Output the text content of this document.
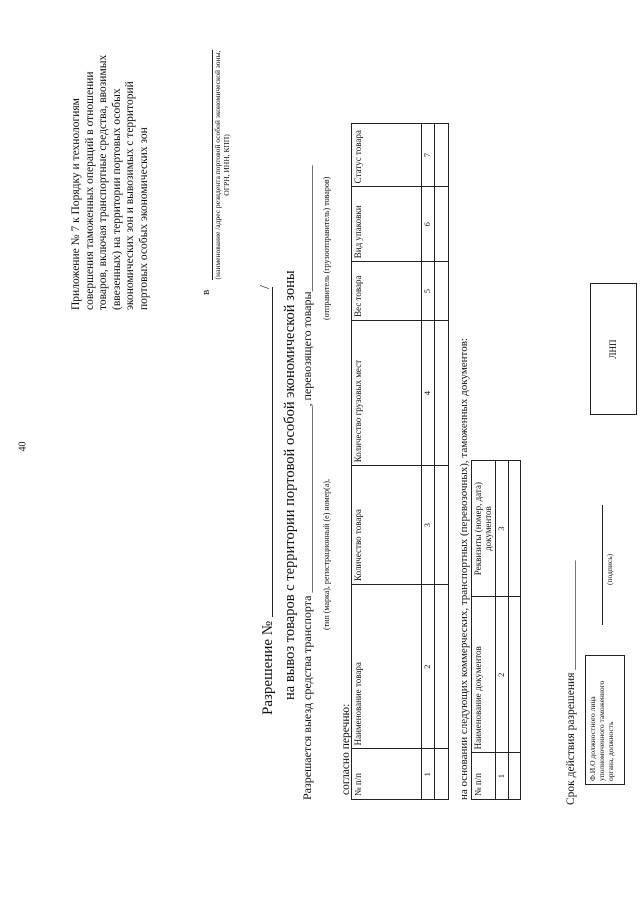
40
Приложение № 7 к Порядку и технологиям совершения таможенных операций в отношении товаров, включая транспортные средства, ввозимых (ввезенных) на территории портовых особых экономических зон и вывозимых с территорий портовых особых экономических зон	в
(наименование /адрес резидента портовой особой экономической зоны, ОГРН, ИНН, КПП)
Разрешение №
/ на вывоз товаров с территории портовой особой экономической зоны Разрешается выезд средства транспорта _______________________________, перевозящего товары_____________________ (тип (марка), регистрационный (е) номер(а),
(отправитель (грузоотправитель) товаров)
согласно перечню: № п/п	Наименование товара	Количество товара	Количество грузовых мест	Вес товара	Вид упаковки	Статус товара
1	2	3	4	5	6	7

на основании следующих коммерческих, транспортных (перевозочных), таможенных документов: № п/п	Наименование документов	Реквизиты (номер, дата) документов
1	2	3

Срок действия разрешения ___________________	Ф.И.О должностного лица уполномоченного таможенного органа, должность
(подпись)
ЛНП
